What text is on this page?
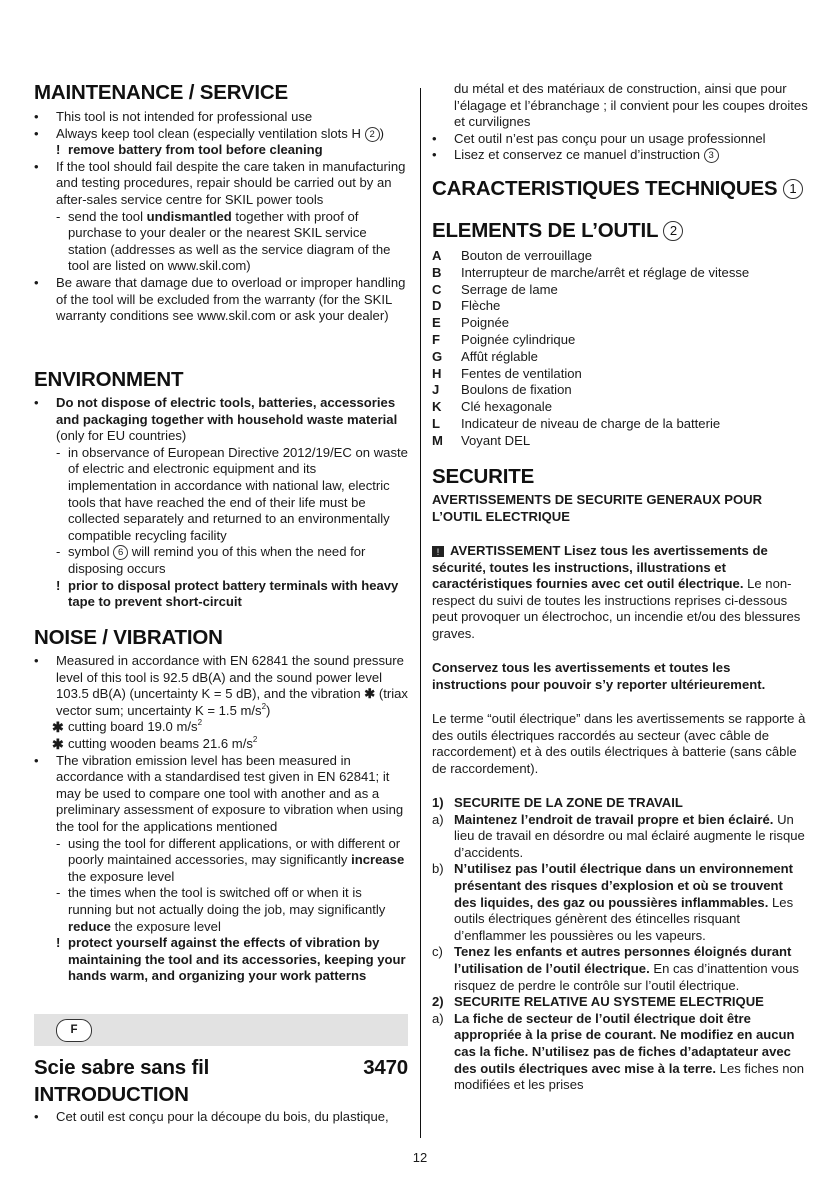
MAINTENANCE / SERVICE
• This tool is not intended for professional use
• Always keep tool clean (especially ventilation slots H 2 )
! remove battery from tool before cleaning
• If the tool should fail despite the care taken in manufacturing and testing procedures, repair should be carried out by an after-sales service centre for SKIL power tools
- send the tool undismantled together with proof of purchase to your dealer or the nearest SKIL service station (addresses as well as the service diagram of the tool are listed on www.skil.com)
• Be aware that damage due to overload or improper handling of the tool will be excluded from the warranty (for the SKIL warranty conditions see www.skil.com or ask your dealer)
ENVIRONMENT
• Do not dispose of electric tools, batteries, accessories and packaging together with household waste material (only for EU countries)
- in observance of European Directive 2012/19/EC on waste of electric and electronic equipment and its implementation in accordance with national law, electric tools that have reached the end of their life must be collected separately and returned to an environmentally compatible recycling facility
- symbol 6 will remind you of this when the need for disposing occurs
! prior to disposal protect battery terminals with heavy tape to prevent short-circuit
NOISE / VIBRATION
• Measured in accordance with EN 62841 the sound pressure level of this tool is 92.5 dB(A) and the sound power level 103.5 dB(A) (uncertainty K = 5 dB), and the vibration ✱ (triax vector sum; uncertainty K = 1.5 $m/s^2$)
✱ cutting board 19.0 $m/s^2$
✱ cutting wooden beams 21.6 $m/s^2$
• The vibration emission level has been measured in accordance with a standardised test given in EN 62841; it may be used to compare one tool with another and as a preliminary assessment of exposure to vibration when using the tool for the applications mentioned
- using the tool for different applications, or with different or poorly maintained accessories, may significantly increase the exposure level
- the times when the tool is switched off or when it is running but not actually doing the job, may significantly reduce the exposure level
! protect yourself against the effects of vibration by maintaining the tool and its accessories, keeping your hands warm, and organizing your work patterns
F
Scie sabre sans fil	3470
INTRODUCTION
• Cet outil est conçu pour la découpe du bois, du plastique,
du métal et des matériaux de construction, ainsi que pour l’élagage et l’ébranchage ; il convient pour les coupes droites et curvilignes
• Cet outil n’est pas conçu pour un usage professionnel
• Lisez et conservez ce manuel d’instruction 3
CARACTERISTIQUES TECHNIQUES 1
ELEMENTS DE L’OUTIL 2
A Bouton de verrouillage
B Interrupteur de marche/arrêt et réglage de vitesse
C Serrage de lame
D Flèche
E Poignée
F Poignée cylindrique
G Affût réglable
H Fentes de ventilation
J Boulons de fixation
K Clé hexagonale
L Indicateur de niveau de charge de la batterie
M Voyant DEL
SECURITE
AVERTISSEMENTS DE SECURITE GENERAUX POUR L’OUTIL ELECTRIQUE
! AVERTISSEMENT Lisez tous les avertissements de sécurité, toutes les instructions, illustrations et caractéristiques fournies avec cet outil électrique. Le non-respect du suivi de toutes les instructions reprises ci-dessous peut provoquer un électrochoc, un incendie et/ou des blessures graves.
Conservez tous les avertissements et toutes les instructions pour pouvoir s’y reporter ultérieurement.
Le terme “outil électrique” dans les avertissements se rapporte à des outils électriques raccordés au secteur (avec câble de raccordement) et à des outils électriques à batterie (sans câble de raccordement).
1) SECURITE DE LA ZONE DE TRAVAIL
a) Maintenez l’endroit de travail propre et bien éclairé. Un lieu de travail en désordre ou mal éclairé augmente le risque d’accidents.
b) N’utilisez pas l’outil électrique dans un environnement présentant des risques d’explosion et où se trouvent des liquides, des gaz ou poussières inflammables. Les outils électriques génèrent des étincelles risquant d’enflammer les poussières ou les vapeurs.
c) Tenez les enfants et autres personnes éloignés durant l’utilisation de l’outil électrique. En cas d’inattention vous risquez de perdre le contrôle sur l’outil électrique.
2) SECURITE RELATIVE AU SYSTEME ELECTRIQUE
a) La fiche de secteur de l’outil électrique doit être appropriée à la prise de courant. Ne modifiez en aucun cas la fiche. N’utilisez pas de fiches d’adaptateur avec des outils électriques avec mise à la terre. Les fiches non modifiées et les prises
12
